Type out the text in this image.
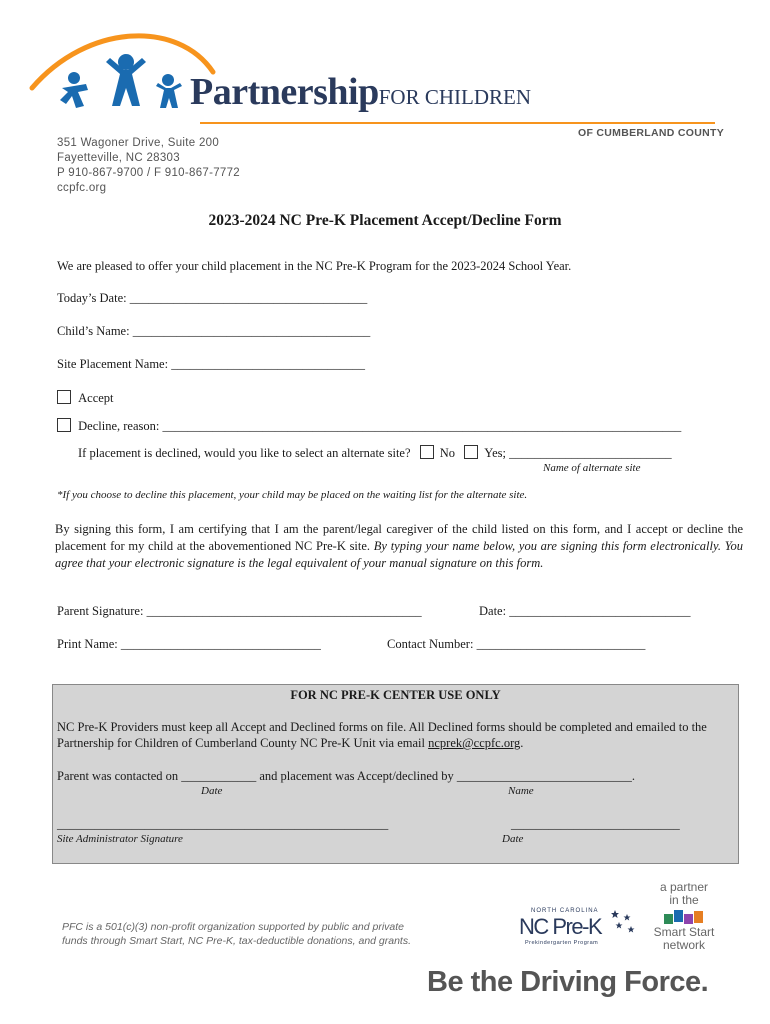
PartnershipFOR CHILDREN
OF CUMBERLAND COUNTY
351 Wagoner Drive, Suite 200
Fayetteville, NC 28303
P 910-867-9700 / F 910-867-7772
ccpfc.org
2023-2024 NC Pre-K Placement Accept/Decline Form
We are pleased to offer your child placement in the NC Pre-K Program for the 2023-2024 School Year.
Today’s Date: ______________________________________
Child’s Name: ______________________________________
Site Placement Name: _______________________________
Accept
Decline, reason: ___________________________________________________________________________________
If placement is declined, would you like to select an alternate site? No Yes; __________________________
Name of alternate site
*If you choose to decline this placement, your child may be placed on the waiting list for the alternate site.
By signing this form, I am certifying that I am the parent/legal caregiver of the child listed on this form, and I accept or decline the placement for my child at the abovementioned NC Pre-K site. By typing your name below, you are signing this form electronically. You agree that your electronic signature is the legal equivalent of your manual signature on this form.
Parent Signature: ____________________________________________	Date: _____________________________
Print Name: ________________________________	Contact Number: ___________________________
FOR NC PRE-K CENTER USE ONLY
NC Pre-K Providers must keep all Accept and Declined forms on file. All Declined forms should be completed and emailed to the Partnership for Children of Cumberland County NC Pre-K Unit via email ncprek@ccpfc.org.
Parent was contacted on ____________ and placement was Accept/declined by ____________________________.
Date	Name
_____________________________________________________
Site Administrator Signature
___________________________
Date
PFC is a 501(c)(3) non-profit organization supported by public and private
funds through Smart Start, NC Pre-K, tax-deductible donations, and grants.
NORTH CAROLINA
NC Pre-K
Prekindergarten Program
a partner
in the
Smart Start
network
Be the Driving Force.
